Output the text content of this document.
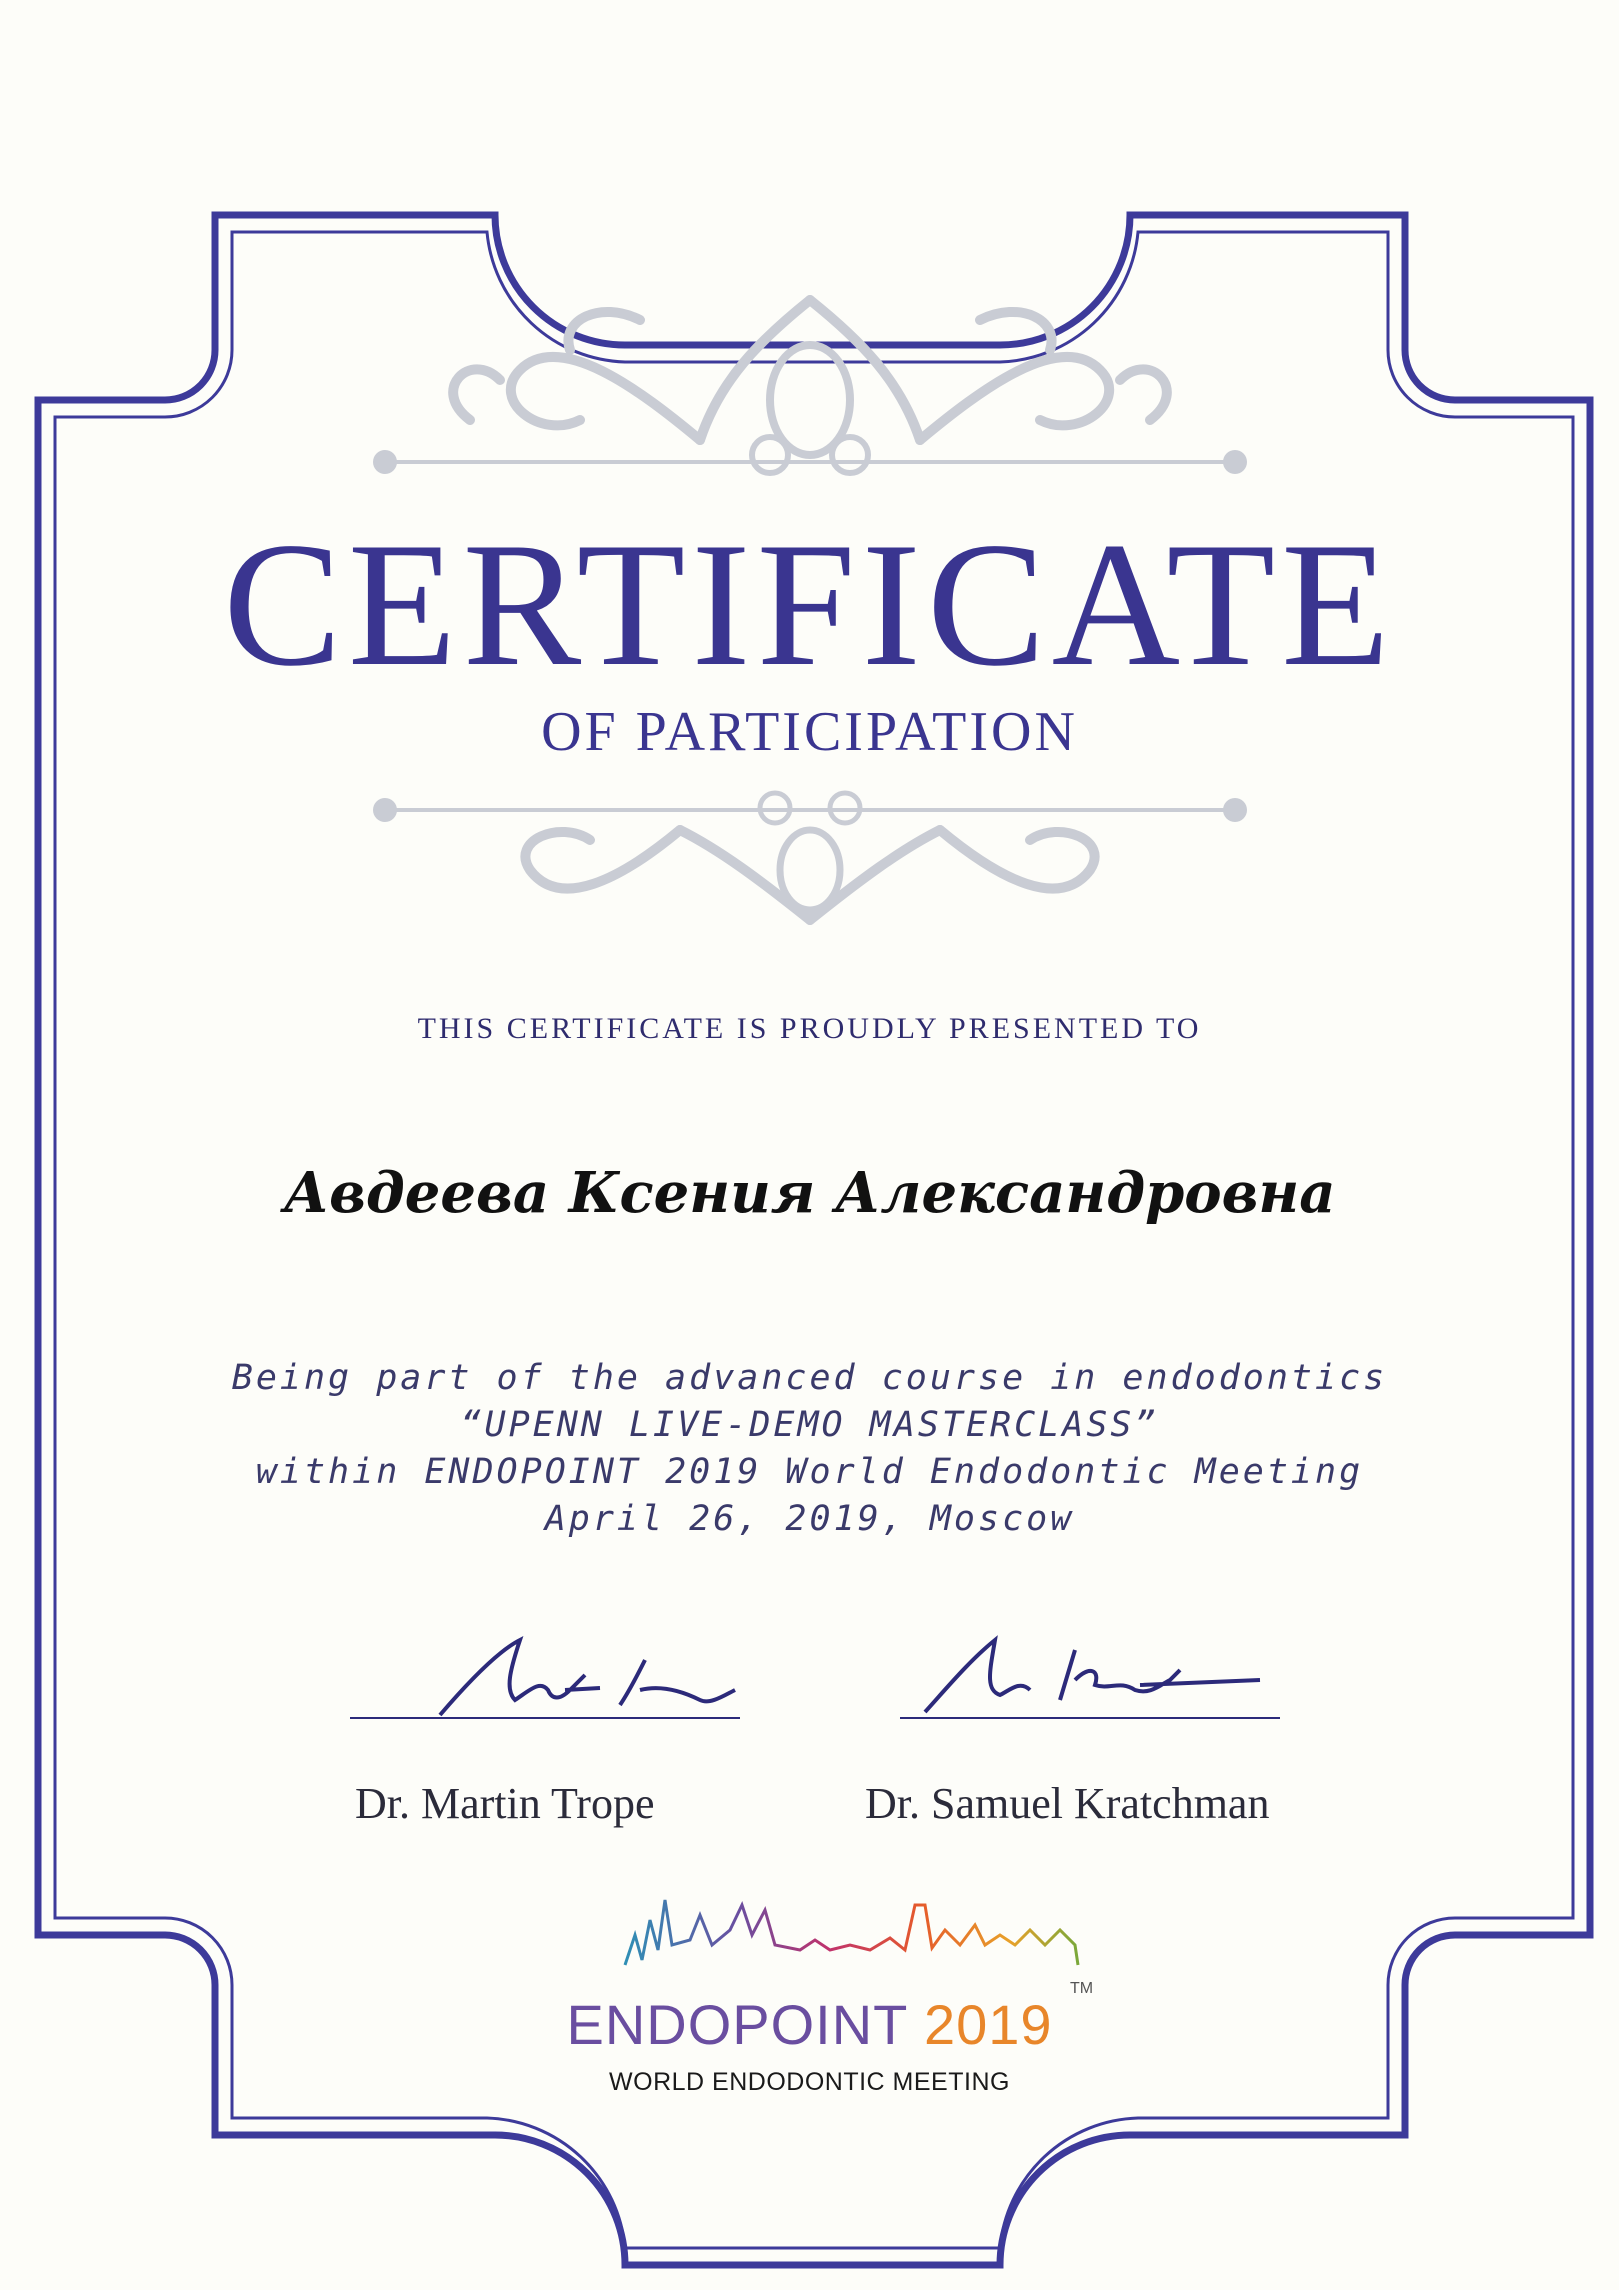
CERTIFICATE
OF PARTICIPATION
THIS CERTIFICATE IS PROUDLY PRESENTED TO
Авдеева Ксения Александровна
Being part of the advanced course in endodontics
“UPENN LIVE-DEMO MASTERCLASS”
within ENDOPOINT 2019 World Endodontic Meeting
April 26, 2019, Moscow
Dr. Martin Trope	Dr. Samuel Kratchman
ENDOPOINT 2019
TM
WORLD ENDODONTIC MEETING
